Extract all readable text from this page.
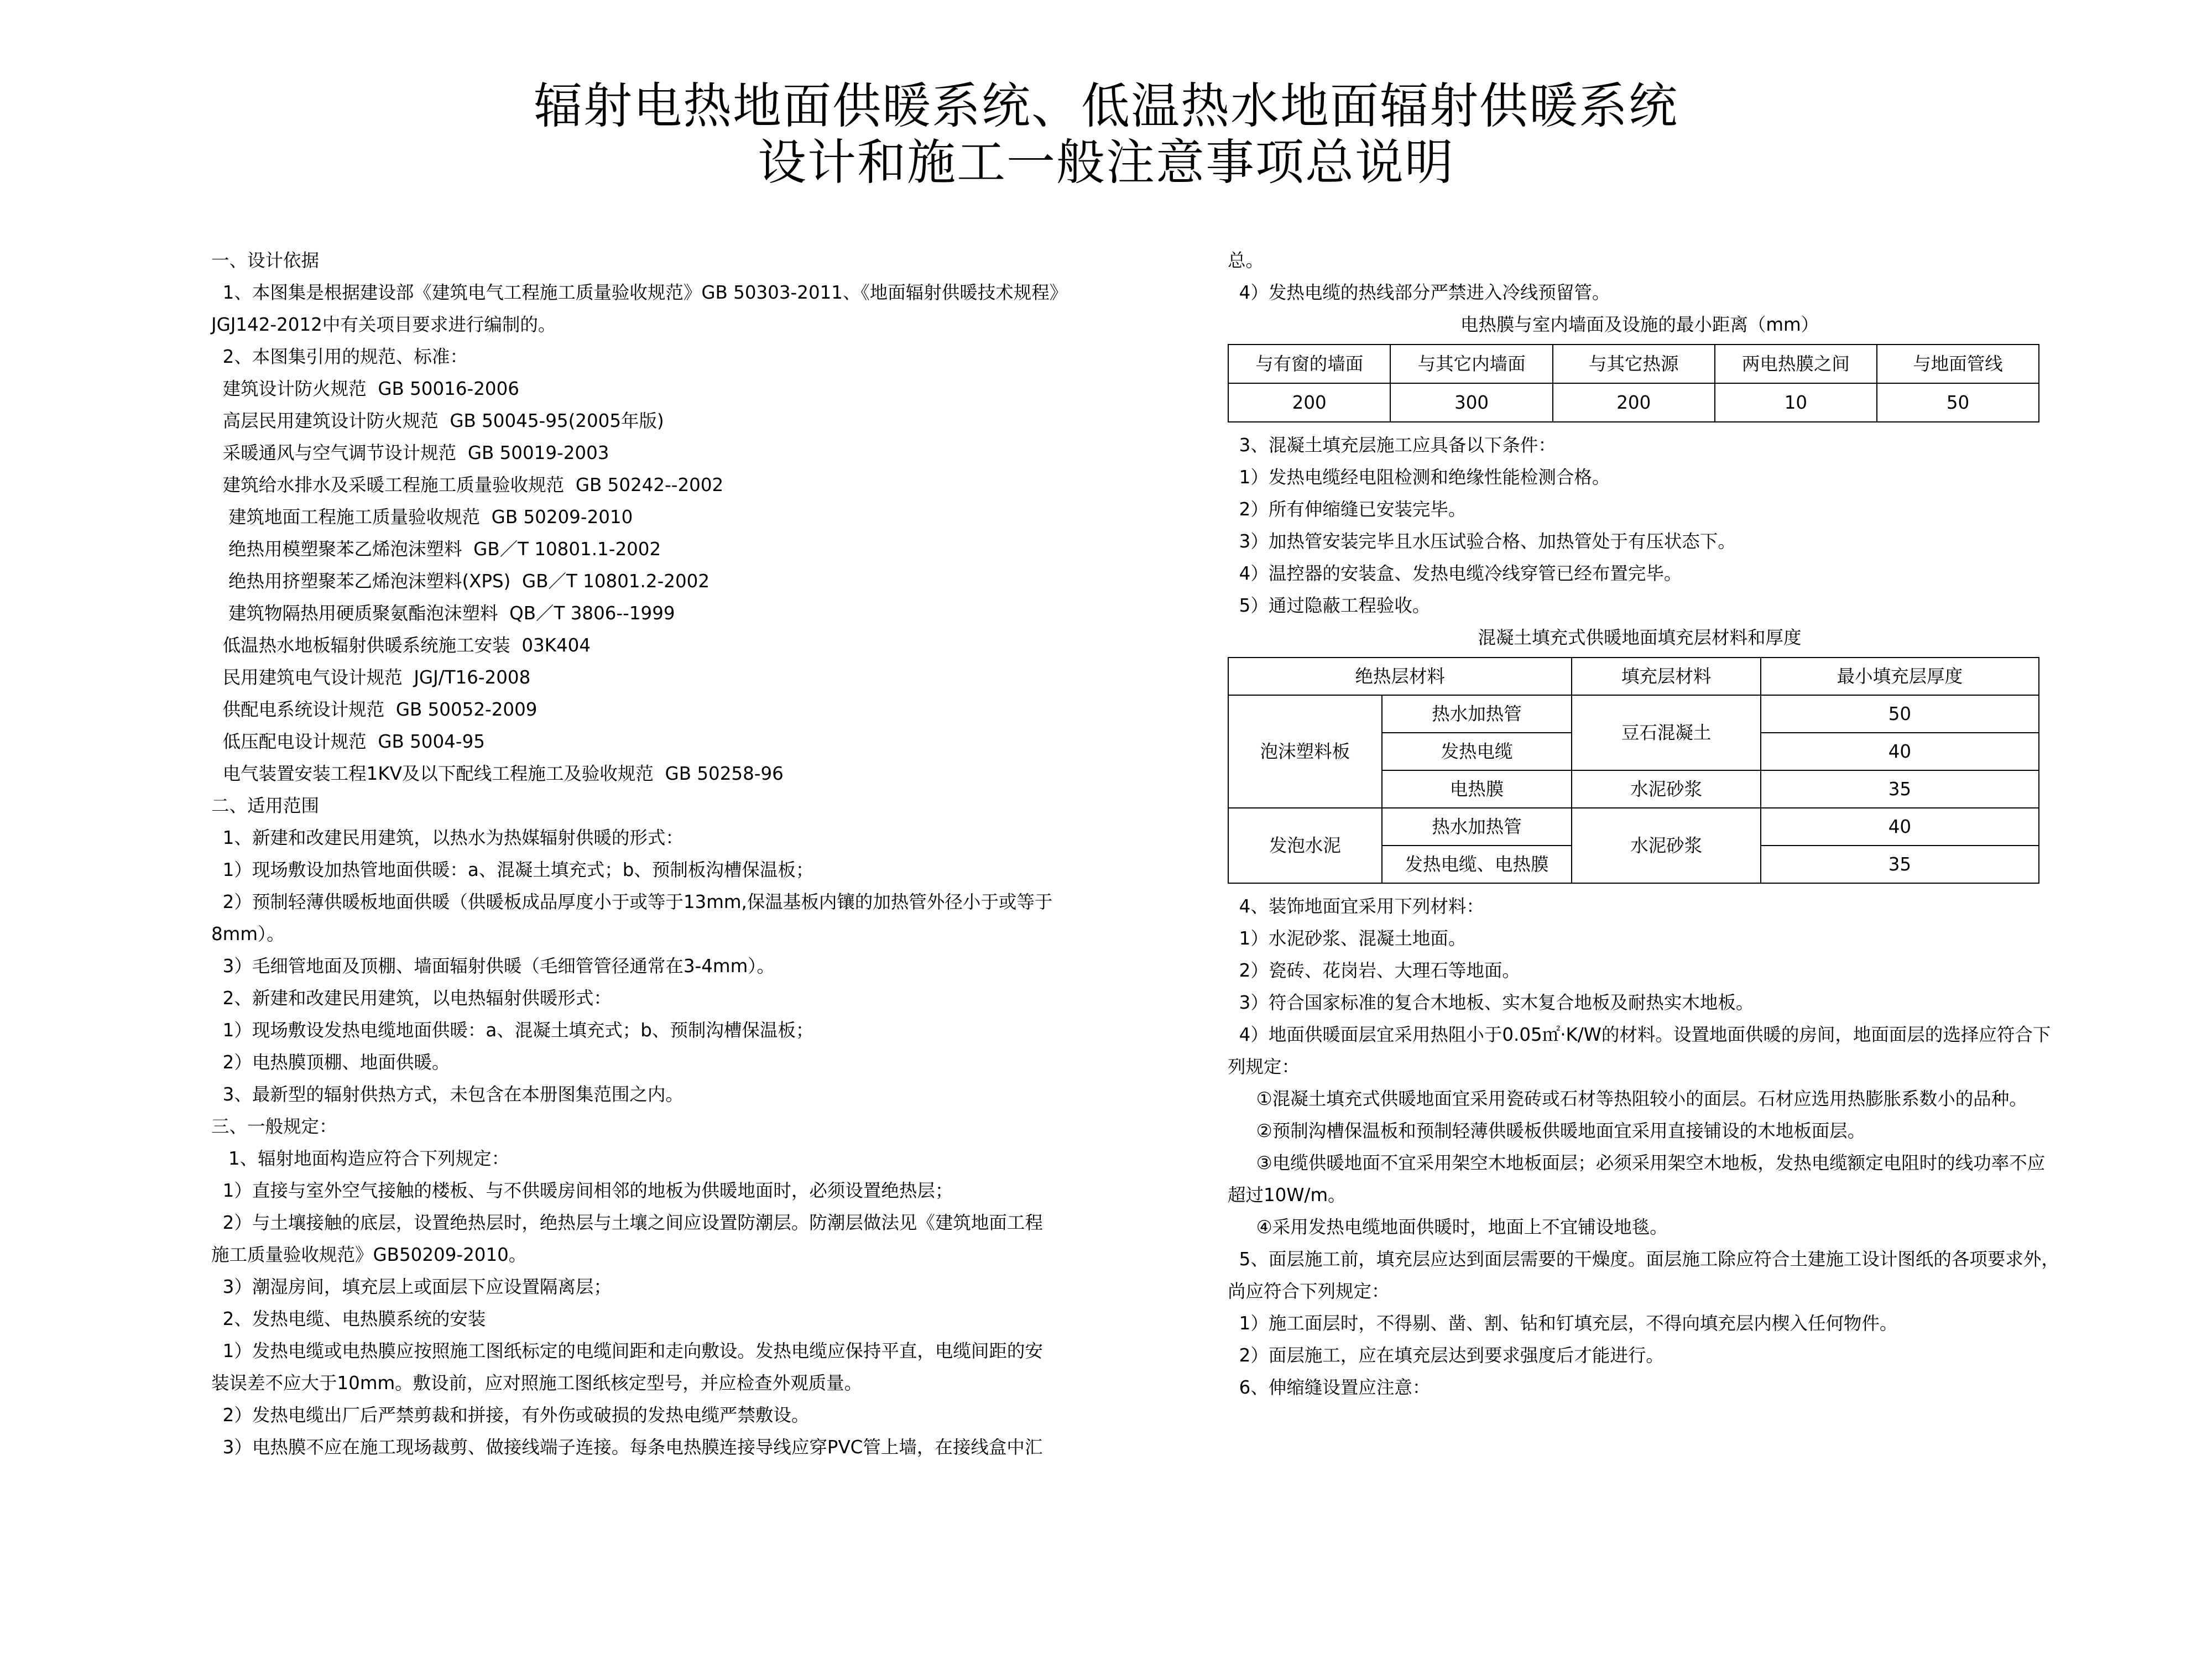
辐射电热地面供暖系统、低温热水地面辐射供暖系统
设计和施工一般注意事项总说明
一、设计依据
1、本图集是根据建设部《建筑电气工程施工质量验收规范》GB 50303-2011、《地面辐射供暖技术规程》
JGJ142-2012中有关项目要求进行编制的。
2、本图集引用的规范、标准：
建筑设计防火规范  GB 50016-2006
高层民用建筑设计防火规范  GB 50045-95(2005年版)
采暖通风与空气调节设计规范  GB 50019-2003
建筑给水排水及采暖工程施工质量验收规范  GB 50242--2002
建筑地面工程施工质量验收规范  GB 50209-2010
绝热用模塑聚苯乙烯泡沫塑料  GB／T 10801.1-2002
绝热用挤塑聚苯乙烯泡沫塑料(XPS)  GB／T 10801.2-2002
建筑物隔热用硬质聚氨酯泡沫塑料  QB／T 3806--1999
低温热水地板辐射供暖系统施工安装  03K404
民用建筑电气设计规范  JGJ/T16-2008
供配电系统设计规范  GB 50052-2009
低压配电设计规范  GB 5004-95
电气装置安装工程1KV及以下配线工程施工及验收规范  GB 50258-96
二、适用范围
1、新建和改建民用建筑，以热水为热媒辐射供暖的形式：
1）现场敷设加热管地面供暖：a、混凝土填充式；b、预制板沟槽保温板；
2）预制轻薄供暖板地面供暖（供暖板成品厚度小于或等于13mm,保温基板内镶的加热管外径小于或等于
8mm）。
3）毛细管地面及顶棚、墙面辐射供暖（毛细管管径通常在3-4mm）。
2、新建和改建民用建筑，以电热辐射供暖形式：
1）现场敷设发热电缆地面供暖：a、混凝土填充式；b、预制沟槽保温板；
2）电热膜顶棚、地面供暖。
3、最新型的辐射供热方式，未包含在本册图集范围之内。
三、一般规定：
1、辐射地面构造应符合下列规定：
1）直接与室外空气接触的楼板、与不供暖房间相邻的地板为供暖地面时，必须设置绝热层；
2）与土壤接触的底层，设置绝热层时，绝热层与土壤之间应设置防潮层。防潮层做法见《建筑地面工程
施工质量验收规范》GB50209-2010。
3）潮湿房间，填充层上或面层下应设置隔离层；
2、发热电缆、电热膜系统的安装
1）发热电缆或电热膜应按照施工图纸标定的电缆间距和走向敷设。发热电缆应保持平直，电缆间距的安
装误差不应大于10mm。敷设前，应对照施工图纸核定型号，并应检查外观质量。
2）发热电缆出厂后严禁剪裁和拼接，有外伤或破损的发热电缆严禁敷设。
3）电热膜不应在施工现场裁剪、做接线端子连接。每条电热膜连接导线应穿PVC管上墙，在接线盒中汇
总。
4）发热电缆的热线部分严禁进入冷线预留管。
电热膜与室内墙面及设施的最小距离（mm）
与有窗的墙面	与其它内墙面	与其它热源	两电热膜之间	与地面管线
200	300	200	10	50
3、混凝土填充层施工应具备以下条件：
1）发热电缆经电阻检测和绝缘性能检测合格。
2）所有伸缩缝已安装完毕。
3）加热管安装完毕且水压试验合格、加热管处于有压状态下。
4）温控器的安装盒、发热电缆冷线穿管已经布置完毕。
5）通过隐蔽工程验收。
混凝土填充式供暖地面填充层材料和厚度
绝热层材料		填充层材料	最小填充层厚度
泡沫塑料板	热水加热管	豆石混凝土	50
	发热电缆		40
	电热膜	水泥砂浆	35
发泡水泥	热水加热管	水泥砂浆	40
	发热电缆、电热膜		35
4、装饰地面宜采用下列材料：
1）水泥砂浆、混凝土地面。
2）瓷砖、花岗岩、大理石等地面。
3）符合国家标准的复合木地板、实木复合地板及耐热实木地板。
4）地面供暖面层宜采用热阻小于0.05㎡·K/W的材料。设置地面供暖的房间，地面面层的选择应符合下
列规定：
①混凝土填充式供暖地面宜采用瓷砖或石材等热阻较小的面层。石材应选用热膨胀系数小的品种。
②预制沟槽保温板和预制轻薄供暖板供暖地面宜采用直接铺设的木地板面层。
③电缆供暖地面不宜采用架空木地板面层；必须采用架空木地板，发热电缆额定电阻时的线功率不应
超过10W/m。
④采用发热电缆地面供暖时，地面上不宜铺设地毯。
5、面层施工前，填充层应达到面层需要的干燥度。面层施工除应符合土建施工设计图纸的各项要求外，
尚应符合下列规定：
1）施工面层时，不得剔、凿、割、钻和钉填充层，不得向填充层内楔入任何物件。
2）面层施工，应在填充层达到要求强度后才能进行。
6、伸缩缝设置应注意：
